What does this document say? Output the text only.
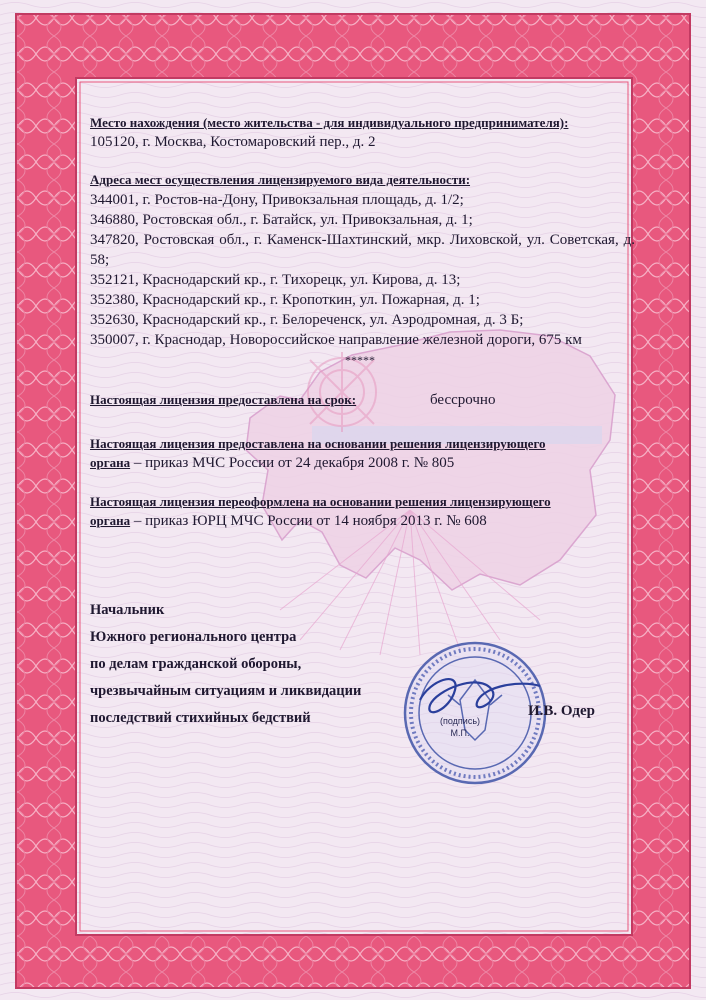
Место нахождения (место жительства - для индивидуального предпринимателя):
105120, г. Москва, Костомаровский пер., д. 2
Адреса мест осуществления лицензируемого вида деятельности:
344001, г. Ростов-на-Дону, Привокзальная площадь, д. 1/2;
346880, Ростовская обл., г. Батайск, ул. Привокзальная, д. 1;
347820, Ростовская обл., г. Каменск-Шахтинский, мкр. Лиховской, ул. Советская, д. 58;
352121, Краснодарский кр., г. Тихорецк, ул. Кирова, д. 13;
352380, Краснодарский кр., г. Кропоткин, ул. Пожарная, д. 1;
352630, Краснодарский кр., г. Белореченск, ул. Аэродромная, д. 3 Б;
350007, г. Краснодар, Новороссийское направление железной дороги, 675 км
*****
Настоящая лицензия предоставлена на срок:	бессрочно
Настоящая лицензия предоставлена на основании решения лицензирующего
органа – приказ МЧС России от 24 декабря 2008 г. № 805
Настоящая лицензия переоформлена на основании решения лицензирующего
органа – приказ ЮРЦ МЧС России от 14 ноября 2013 г. № 608
Начальник
Южного регионального центра
по делам гражданской обороны,
чрезвычайным ситуациям и ликвидации
последствий стихийных бедствий	(подпись)
М.П.
И.В. Одер
